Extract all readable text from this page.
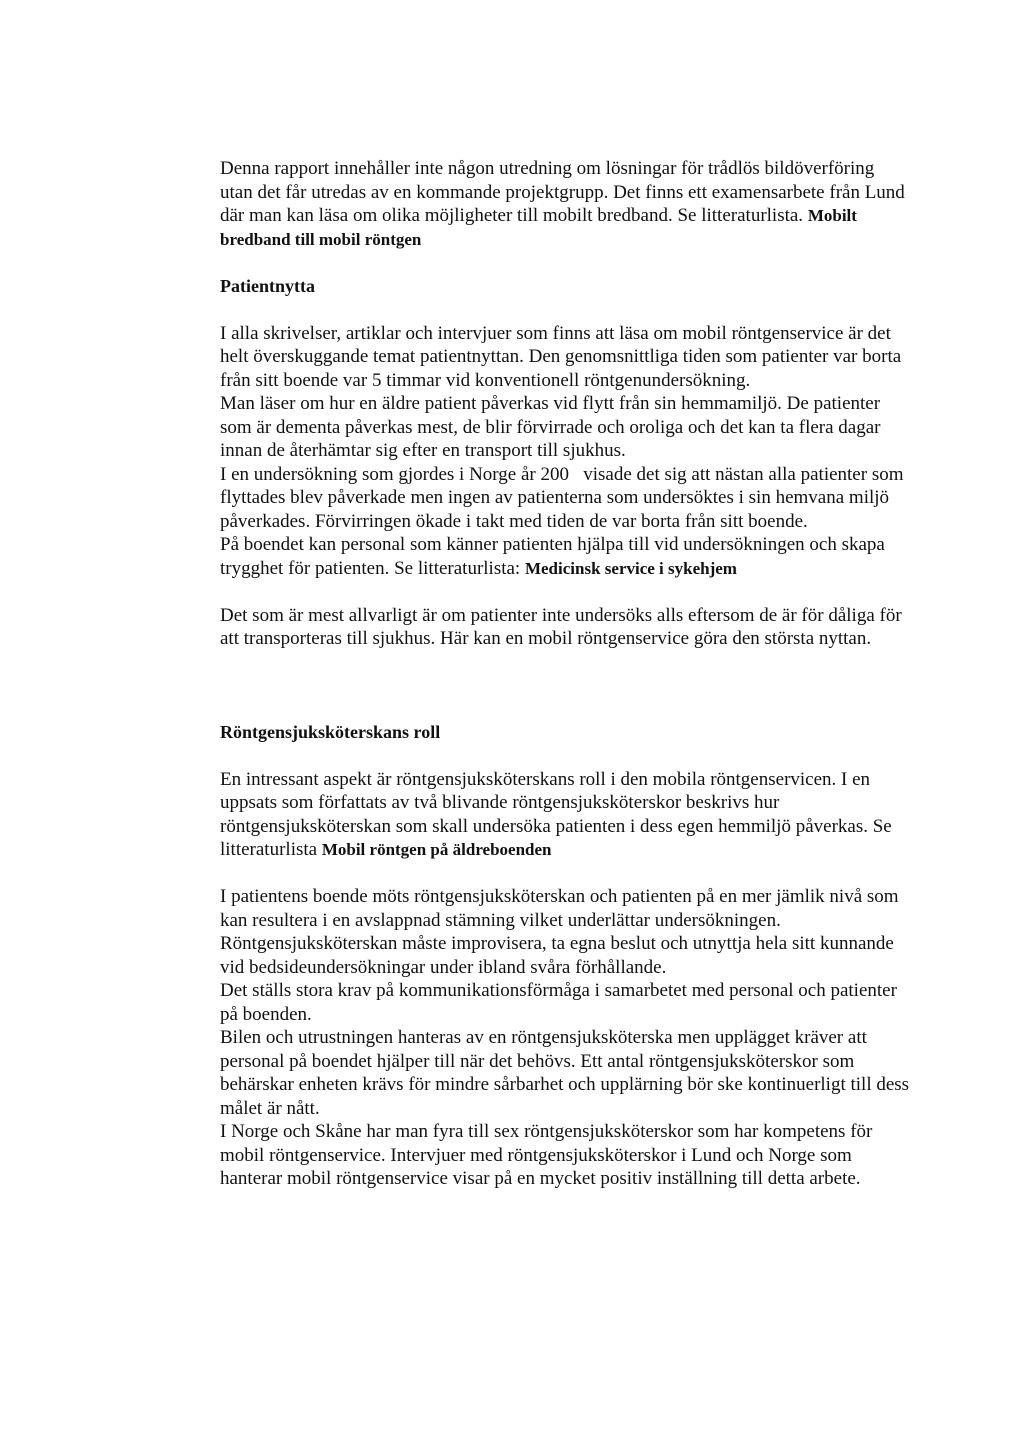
Denna rapport innehåller inte någon utredning om lösningar för trådlös bildöverföring utan det får utredas av en kommande projektgrupp. Det finns ett examensarbete från Lund där man kan läsa om olika möjligheter till mobilt bredband. Se litteraturlista. Mobilt bredband till mobil röntgen

Patientnytta

I alla skrivelser, artiklar och intervjuer som finns att läsa om mobil röntgenservice är det helt överskuggande temat patientnyttan. Den genomsnittliga tiden som patienter var borta från sitt boende var 5 timmar vid konventionell röntgenundersökning.

Man läser om hur en äldre patient påverkas vid flytt från sin hemmamiljö. De patienter som är dementa påverkas mest, de blir förvirrade och oroliga och det kan ta flera dagar innan de återhämtar sig efter en transport till sjukhus.

I en undersökning som gjordes i Norge år 200   visade det sig att nästan alla patienter som flyttades blev påverkade men ingen av patienterna som undersöktes i sin hemvana miljö påverkades. Förvirringen ökade i takt med tiden de var borta från sitt boende.

På boendet kan personal som känner patienten hjälpa till vid undersökningen och skapa trygghet för patienten. Se litteraturlista: Medicinsk service i sykehjem

Det som är mest allvarligt är om patienter inte undersöks alls eftersom de är för dåliga för att transporteras till sjukhus. Här kan en mobil röntgenservice göra den största nyttan.

Röntgensjuksköterskans roll

En intressant aspekt är röntgensjuksköterskans roll i den mobila röntgenservicen. I en uppsats som författats av två blivande röntgensjuksköterskor beskrivs hur röntgensjuksköterskan som skall undersöka patienten i dess egen hemmiljö påverkas. Se litteraturlista Mobil röntgen på äldreboenden

I patientens boende möts röntgensjuksköterskan och patienten på en mer jämlik nivå som kan resultera i en avslappnad stämning vilket underlättar undersökningen. Röntgensjuksköterskan måste improvisera, ta egna beslut och utnyttja hela sitt kunnande vid bedsideundersökningar under ibland svåra förhållande.

Det ställs stora krav på kommunikationsförmåga i samarbetet med personal och patienter på boenden.

Bilen och utrustningen hanteras av en röntgensjuksköterska men upplägget kräver att personal på boendet hjälper till när det behövs. Ett antal röntgensjuksköterskor som behärskar enheten krävs för mindre sårbarhet och upplärning bör ske kontinuerligt till dess målet är nått.

I Norge och Skåne har man fyra till sex röntgensjuksköterskor som har kompetens för mobil röntgenservice. Intervjuer med röntgensjuksköterskor i Lund och Norge som hanterar mobil röntgenservice visar på en mycket positiv inställning till detta arbete.
